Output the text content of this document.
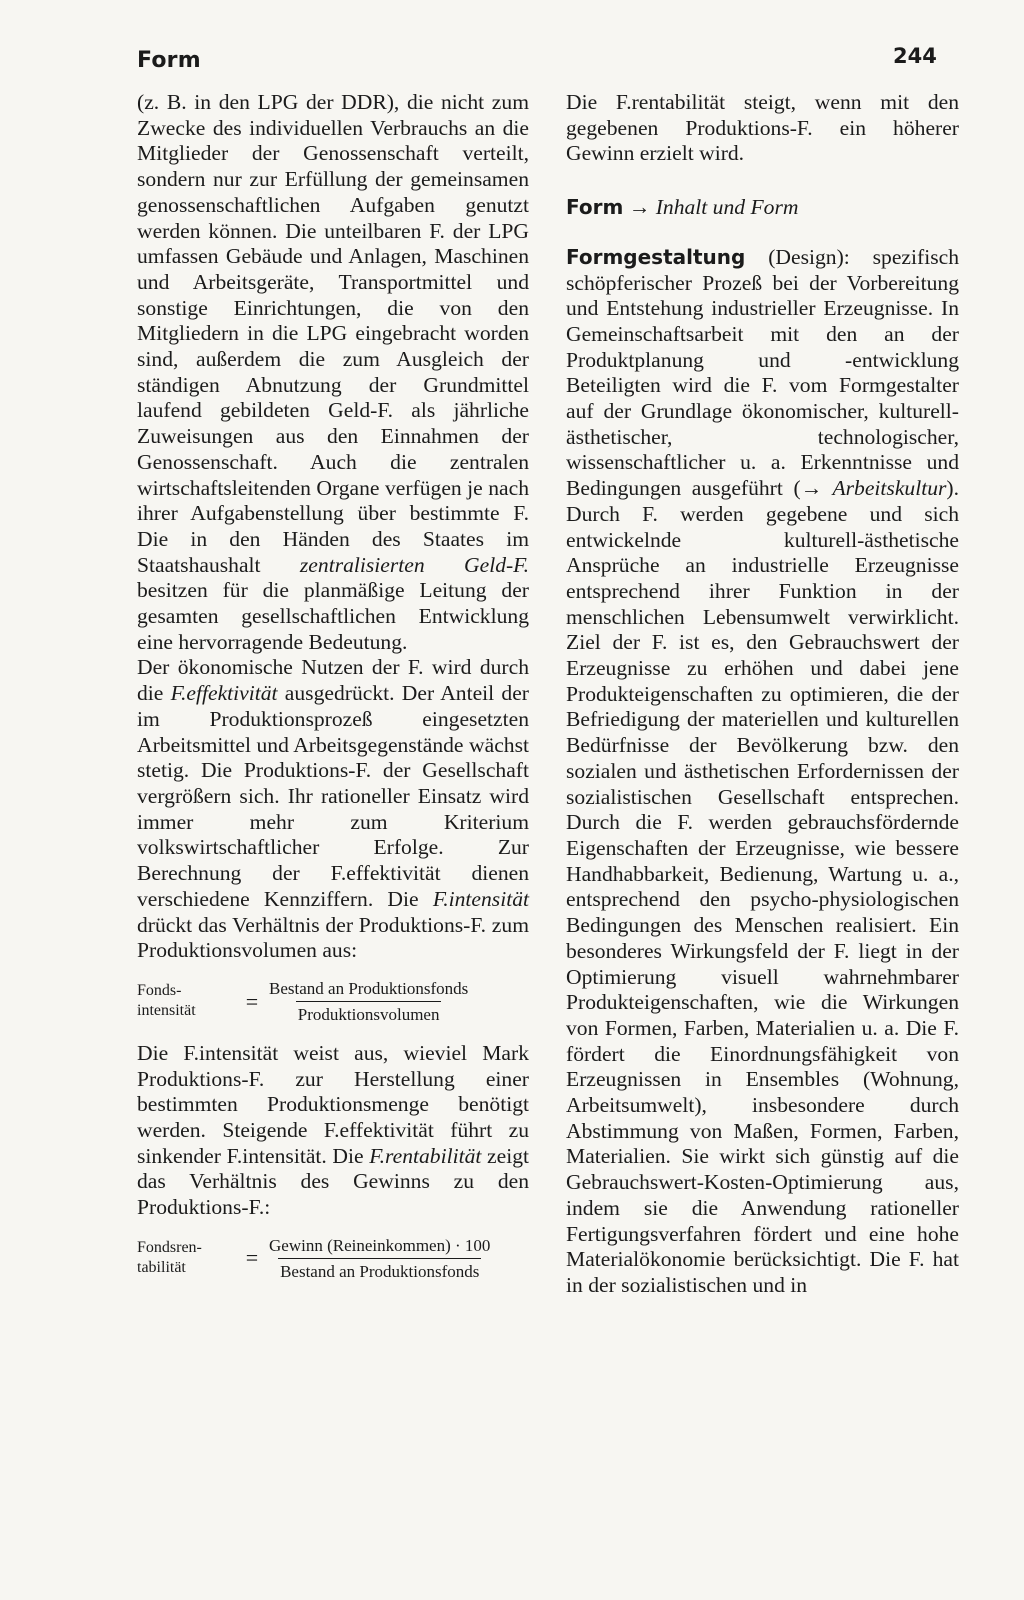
Form	244

(z. B. in den LPG der DDR), die nicht zum Zwecke des individuellen Verbrauchs an die Mitglieder der Genossenschaft verteilt, sondern nur zur Erfüllung der gemeinsamen genossenschaftlichen Aufgaben genutzt werden können. Die unteilbaren F. der LPG umfassen Gebäude und Anlagen, Maschinen und Arbeitsgeräte, Transportmittel und sonstige Einrichtungen, die von den Mitgliedern in die LPG eingebracht worden sind, außerdem die zum Ausgleich der ständigen Abnutzung der Grundmittel laufend gebildeten Geld-F. als jährliche Zuweisungen aus den Einnahmen der Genossenschaft. Auch die zentralen wirtschaftsleitenden Organe verfügen je nach ihrer Aufgabenstellung über bestimmte F. Die in den Händen des Staates im Staatshaushalt zentralisierten Geld-F. besitzen für die planmäßige Leitung der gesamten gesellschaftlichen Entwicklung eine hervorragende Bedeutung.

Der ökonomische Nutzen der F. wird durch die F.effektivität ausgedrückt. Der Anteil der im Produktionsprozeß eingesetzten Arbeitsmittel und Arbeitsgegenstände wächst stetig. Die Produktions-F. der Gesellschaft vergrößern sich. Ihr rationeller Einsatz wird immer mehr zum Kriterium volkswirtschaftlicher Erfolge. Zur Berechnung der F.effektivität dienen verschiedene Kennziffern. Die F.intensität drückt das Verhältnis der Produktions-F. zum Produktionsvolumen aus:

Fonds-
intensität	= $\frac{\text{Bestand an Produktionsfonds}}{\text{Produktionsvolumen}}$

Die F.intensität weist aus, wieviel Mark Produktions-F. zur Herstellung einer bestimmten Produktionsmenge benötigt werden. Steigende F.effektivität führt zu sinkender F.intensität. Die F.rentabilität zeigt das Verhältnis des Gewinns zu den Produktions-F.:

Fondsren-
tabilität	= $\frac{\text{Gewinn (Reineinkommen) · 100}}{\text{Bestand an Produktionsfonds}}$

Die F.rentabilität steigt, wenn mit den gegebenen Produktions-F. ein höherer Gewinn erzielt wird.

Form → Inhalt und Form

Formgestaltung (Design): spezifisch schöpferischer Prozeß bei der Vorbereitung und Entstehung industrieller Erzeugnisse. In Gemeinschaftsarbeit mit den an der Produktplanung und -entwicklung Beteiligten wird die F. vom Formgestalter auf der Grundlage ökonomischer, kulturell-ästhetischer, technologischer, wissenschaftlicher u. a. Erkenntnisse und Bedingungen ausgeführt (→ Arbeitskultur). Durch F. werden gegebene und sich entwickelnde kulturell-ästhetische Ansprüche an industrielle Erzeugnisse entsprechend ihrer Funktion in der menschlichen Lebensumwelt verwirklicht. Ziel der F. ist es, den Gebrauchswert der Erzeugnisse zu erhöhen und dabei jene Produkteigenschaften zu optimieren, die der Befriedigung der materiellen und kulturellen Bedürfnisse der Bevölkerung bzw. den sozialen und ästhetischen Erfordernissen der sozialistischen Gesellschaft entsprechen. Durch die F. werden gebrauchsfördernde Eigenschaften der Erzeugnisse, wie bessere Handhabbarkeit, Bedienung, Wartung u. a., entsprechend den psycho-physiologischen Bedingungen des Menschen realisiert. Ein besonderes Wirkungsfeld der F. liegt in der Optimierung visuell wahrnehmbarer Produkteigenschaften, wie die Wirkungen von Formen, Farben, Materialien u. a. Die F. fördert die Einordnungsfähigkeit von Erzeugnissen in Ensembles (Wohnung, Arbeitsumwelt), insbesondere durch Abstimmung von Maßen, Formen, Farben, Materialien. Sie wirkt sich günstig auf die Gebrauchswert-Kosten-Optimierung aus, indem sie die Anwendung rationeller Fertigungsverfahren fördert und eine hohe Materialökonomie berücksichtigt. Die F. hat in der sozialistischen und in
